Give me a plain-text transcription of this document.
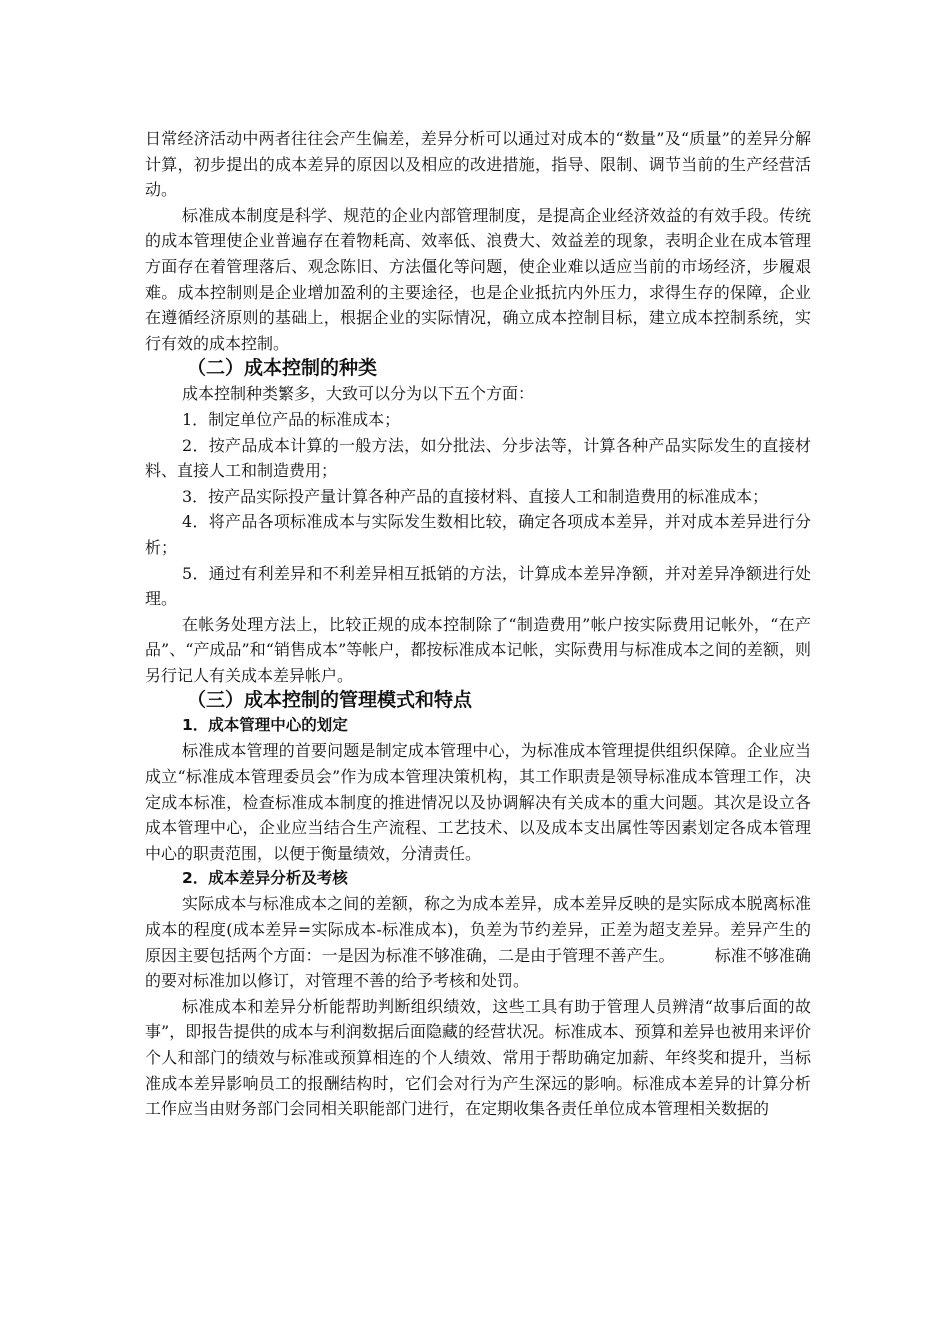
日常经济活动中两者往往会产生偏差，差异分析可以通过对成本的“数量”及“质量”的差异分解计算，初步提出的成本差异的原因以及相应的改进措施，指导、限制、调节当前的生产经营活动。

标准成本制度是科学、规范的企业内部管理制度，是提高企业经济效益的有效手段。传统的成本管理使企业普遍存在着物耗高、效率低、浪费大、效益差的现象，表明企业在成本管理方面存在着管理落后、观念陈旧、方法僵化等问题，使企业难以适应当前的市场经济，步履艰难。成本控制则是企业增加盈利的主要途径，也是企业抵抗内外压力，求得生存的保障，企业在遵循经济原则的基础上，根据企业的实际情况，确立成本控制目标，建立成本控制系统，实行有效的成本控制。

（二）成本控制的种类

成本控制种类繁多，大致可以分为以下五个方面：

1．制定单位产品的标准成本；

2．按产品成本计算的一般方法，如分批法、分步法等，计算各种产品实际发生的直接材料、直接人工和制造费用；

3．按产品实际投产量计算各种产品的直接材料、直接人工和制造费用的标准成本；

4．将产品各项标准成本与实际发生数相比较，确定各项成本差异，并对成本差异进行分析；

5．通过有利差异和不利差异相互抵销的方法，计算成本差异净额，并对差异净额进行处理。

在帐务处理方法上，比较正规的成本控制除了“制造费用”帐户按实际费用记帐外，“在产品”、“产成品”和“销售成本”等帐户，都按标准成本记帐，实际费用与标准成本之间的差额，则另行记人有关成本差异帐户。

（三）成本控制的管理模式和特点
1．成本管理中心的划定

标准成本管理的首要问题是制定成本管理中心，为标准成本管理提供组织保障。企业应当成立“标准成本管理委员会”作为成本管理决策机构，其工作职责是领导标准成本管理工作，决定成本标准，检查标准成本制度的推进情况以及协调解决有关成本的重大问题。其次是设立各成本管理中心，企业应当结合生产流程、工艺技术、以及成本支出属性等因素划定各成本管理中心的职责范围，以便于衡量绩效，分清责任。

2．成本差异分析及考核

实际成本与标准成本之间的差额，称之为成本差异，成本差异反映的是实际成本脱离标准成本的程度(成本差异=实际成本-标准成本)，负差为节约差异，正差为超支差异。差异产生的原因主要包括两个方面：一是因为标准不够准确，二是由于管理不善产生。　　　标准不够准确的要对标准加以修订，对管理不善的给予考核和处罚。

标准成本和差异分析能帮助判断组织绩效，这些工具有助于管理人员辨清“故事后面的故事”，即报告提供的成本与利润数据后面隐藏的经营状况。标准成本、预算和差异也被用来评价个人和部门的绩效与标准或预算相连的个人绩效、常用于帮助确定加薪、年终奖和提升，当标准成本差异影响员工的报酬结构时，它们会对行为产生深远的影响。标准成本差异的计算分析工作应当由财务部门会同相关职能部门进行，在定期收集各责任单位成本管理相关数据的
